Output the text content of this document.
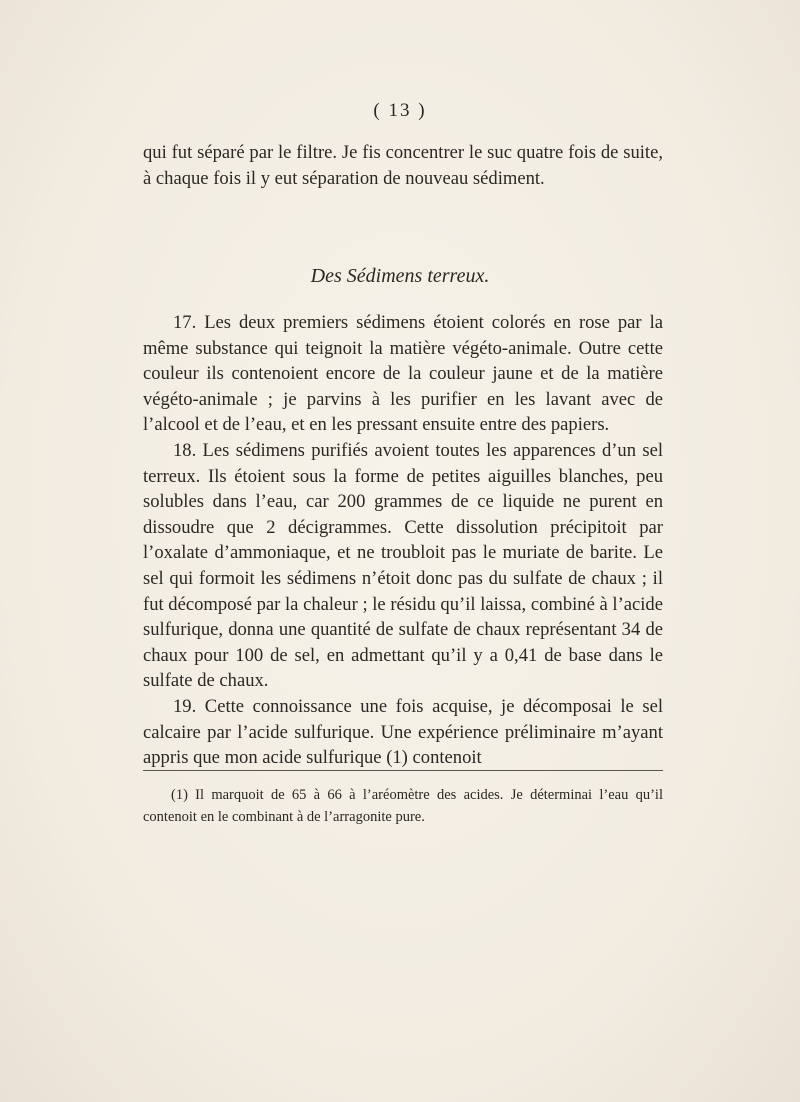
( 13 )

qui fut séparé par le filtre. Je fis concentrer le suc quatre fois de suite, à chaque fois il y eut séparation de nouveau sédiment.

Des Sédimens terreux.

17. Les deux premiers sédimens étoient colorés en rose par la même substance qui teignoit la matière végéto-animale. Outre cette couleur ils contenoient encore de la couleur jaune et de la matière végéto-animale ; je parvins à les purifier en les lavant avec de l’alcool et de l’eau, et en les pressant ensuite entre des papiers.

18. Les sédimens purifiés avoient toutes les apparences d’un sel terreux. Ils étoient sous la forme de petites aiguilles blanches, peu solubles dans l’eau, car 200 grammes de ce liquide ne purent en dissoudre que 2 décigrammes. Cette dissolution précipitoit par l’oxalate d’ammoniaque, et ne troubloit pas le muriate de barite. Le sel qui formoit les sédimens n’étoit donc pas du sulfate de chaux ; il fut décomposé par la chaleur ; le résidu qu’il laissa, combiné à l’acide sulfurique, donna une quantité de sulfate de chaux représentant 34 de chaux pour 100 de sel, en admettant qu’il y a 0,41 de base dans le sulfate de chaux.

19. Cette connoissance une fois acquise, je décomposai le sel calcaire par l’acide sulfurique. Une expérience préliminaire m’ayant appris que mon acide sulfurique (1) contenoit

(1) Il marquoit de 65 à 66 à l’aréomètre des acides. Je déterminai l’eau qu’il contenoit en le combinant à de l’arragonite pure.
